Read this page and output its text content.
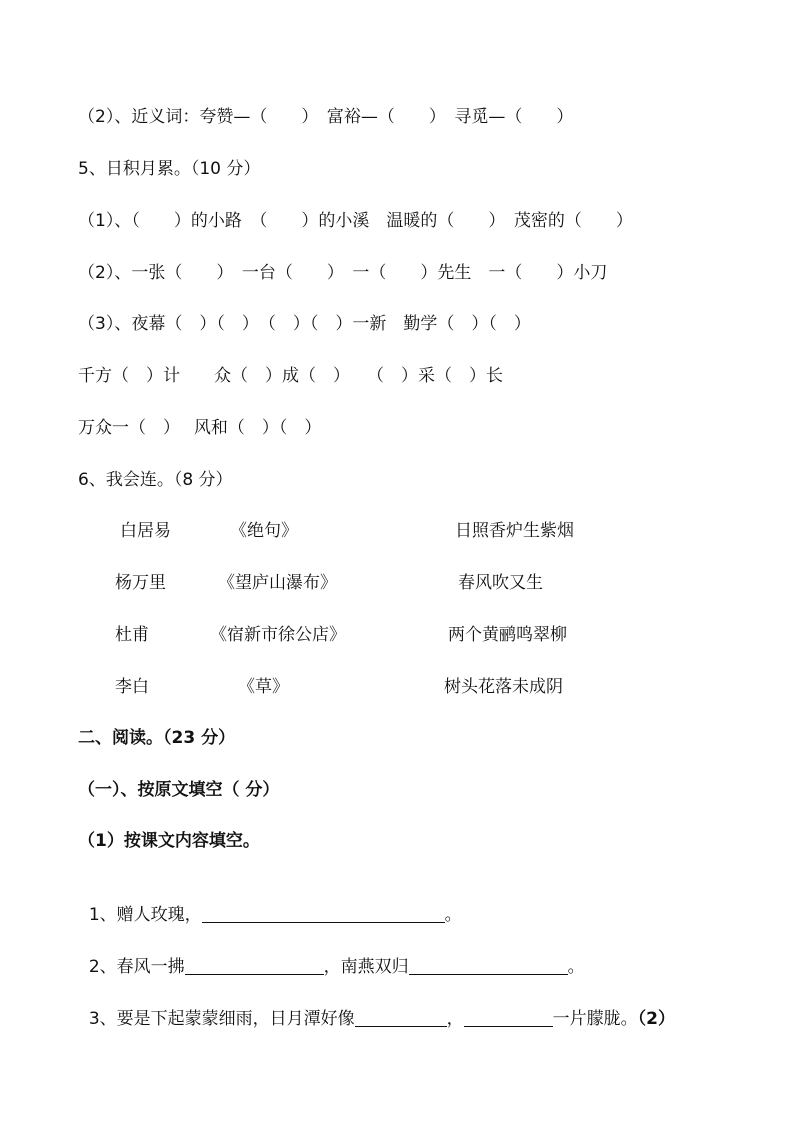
（2）、近义词：夸赞—（　　）　富裕—（　　）　寻觅—（　　）
5、日积月累。（10 分）
（1）、（　　）的小路　（　　）的小溪　温暖的（　　）　茂密的（　　）
（2）、一张（　　）　一台（　　）　一（　　）先生　一（　　）小刀
（3）、夜幕（　）（　）　（　）（　）一新　勤学（　）（　）
千方（　）计　　众（　）成（　）　　（　）采（　）长
万众一（　）　 风和（　）（　）
6、我会连。（8 分）
白居易	《绝句》	日照香炉生紫烟
杨万里	《望庐山瀑布》	春风吹又生
杜甫	《宿新市徐公店》	两个黄鹂鸣翠柳
李白	《草》	树头花落未成阴
二、阅读。（23 分）
（一）、按原文填空（ 分）
（1）按课文内容填空。

1、赠人玫瑰，	。

2、春风一拂	，南燕双归	。

3、要是下起蒙蒙细雨，日月潭好像	，	一片朦胧。（2）
